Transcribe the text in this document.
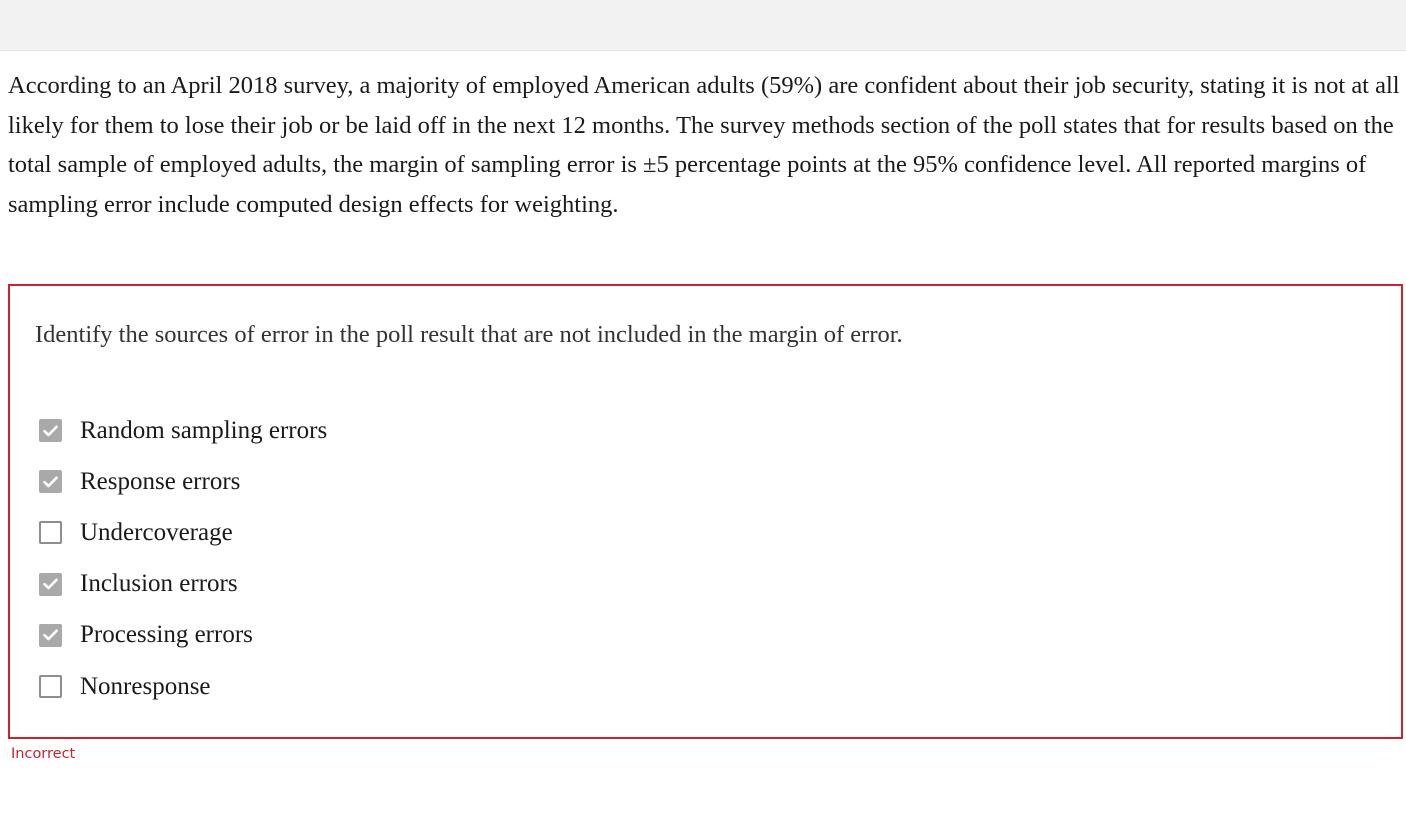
According to an April 2018 survey, a majority of employed American adults (59%) are confident about their job security, stating it is not at all likely for them to lose their job or be laid off in the next 12 months. The survey methods section of the poll states that for results based on the total sample of employed adults, the margin of sampling error is ±5 percentage points at the 95% confidence level. All reported margins of sampling error include computed design effects for weighting.

Identify the sources of error in the poll result that are not included in the margin of error.

Random sampling errors
Response errors
Undercoverage
Inclusion errors
Processing errors
Nonresponse
Incorrect
